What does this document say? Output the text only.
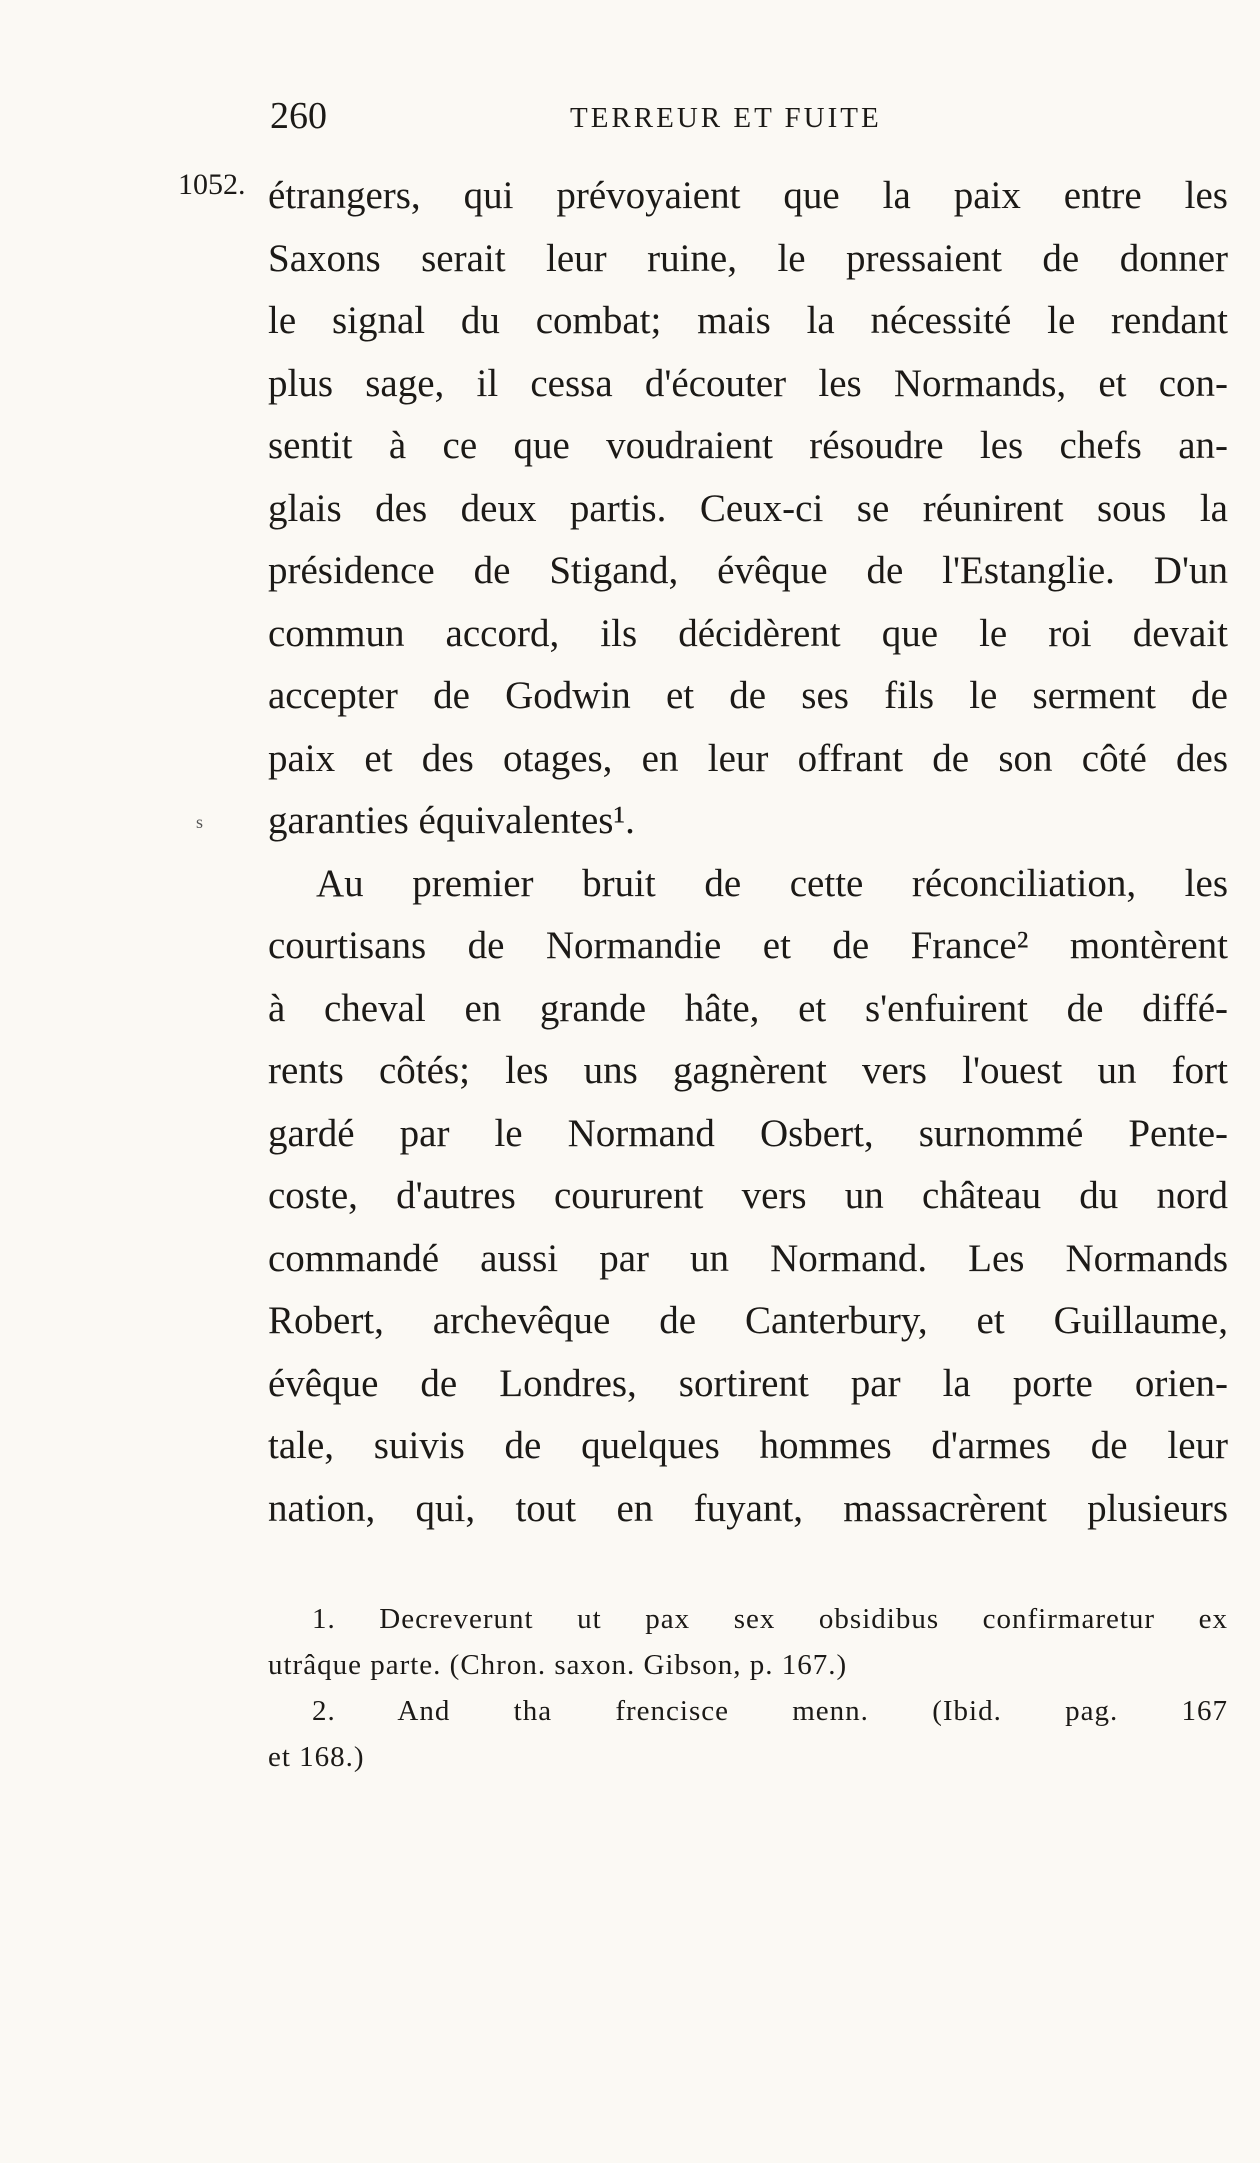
260	TERREUR ET FUITE
1052.
s
étrangers, qui prévoyaient que la paix entre les
Saxons serait leur ruine, le pressaient de donner
le signal du combat; mais la nécessité le rendant
plus sage, il cessa d'écouter les Normands, et con-
sentit à ce que voudraient résoudre les chefs an-
glais des deux partis. Ceux-ci se réunirent sous la
présidence de Stigand, évêque de l'Estanglie. D'un
commun accord, ils décidèrent que le roi devait
accepter de Godwin et de ses fils le serment de
paix et des otages, en leur offrant de son côté des
garanties équivalentes¹.
Au premier bruit de cette réconciliation, les
courtisans de Normandie et de France² montèrent
à cheval en grande hâte, et s'enfuirent de diffé-
rents côtés; les uns gagnèrent vers l'ouest un fort
gardé par le Normand Osbert, surnommé Pente-
coste, d'autres coururent vers un château du nord
commandé aussi par un Normand. Les Normands
Robert, archevêque de Canterbury, et Guillaume,
évêque de Londres, sortirent par la porte orien-
tale, suivis de quelques hommes d'armes de leur
nation, qui, tout en fuyant, massacrèrent plusieurs
1. Decreverunt ut pax sex obsidibus confirmaretur ex
utrâque parte. (Chron. saxon. Gibson, p. 167.)
2. And tha frencisce menn. (Ibid. pag. 167
et 168.)
